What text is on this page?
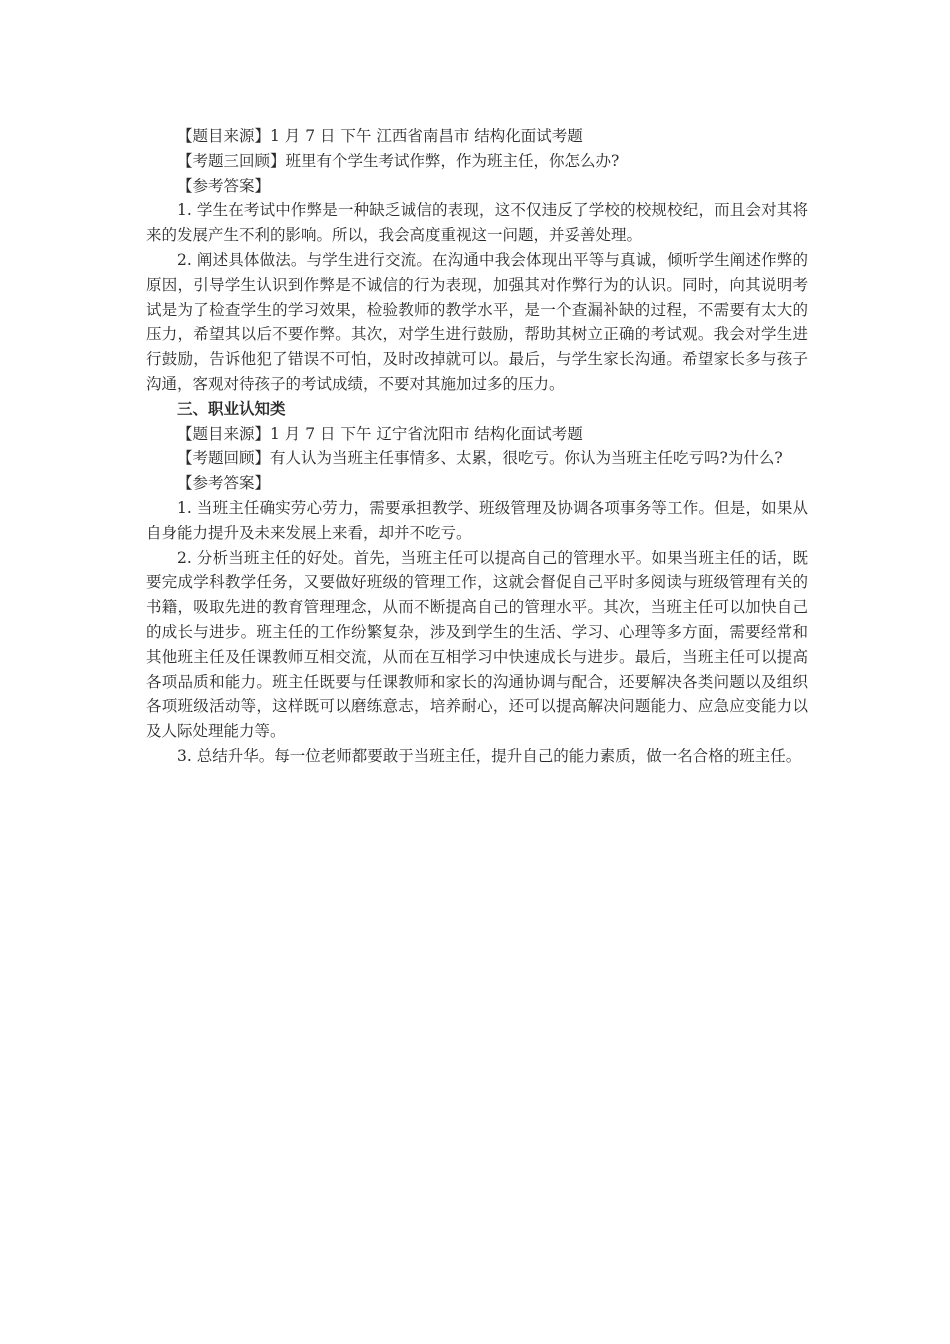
【题目来源】1 月 7 日 下午 江西省南昌市 结构化面试考题

【考题三回顾】班里有个学生考试作弊，作为班主任，你怎么办?

【参考答案】

1. 学生在考试中作弊是一种缺乏诚信的表现，这不仅违反了学校的校规校纪，而且会对其将来的发展产生不利的影响。所以，我会高度重视这一问题，并妥善处理。

2. 阐述具体做法。与学生进行交流。在沟通中我会体现出平等与真诚，倾听学生阐述作弊的原因，引导学生认识到作弊是不诚信的行为表现，加强其对作弊行为的认识。同时，向其说明考试是为了检查学生的学习效果，检验教师的教学水平，是一个查漏补缺的过程，不需要有太大的压力，希望其以后不要作弊。其次，对学生进行鼓励，帮助其树立正确的考试观。我会对学生进行鼓励，告诉他犯了错误不可怕，及时改掉就可以。最后，与学生家长沟通。希望家长多与孩子沟通，客观对待孩子的考试成绩，不要对其施加过多的压力。

三、职业认知类

【题目来源】1 月 7 日 下午 辽宁省沈阳市 结构化面试考题

【考题回顾】有人认为当班主任事情多、太累，很吃亏。你认为当班主任吃亏吗?为什么?

【参考答案】

1. 当班主任确实劳心劳力，需要承担教学、班级管理及协调各项事务等工作。但是，如果从自身能力提升及未来发展上来看，却并不吃亏。

2. 分析当班主任的好处。首先，当班主任可以提高自己的管理水平。如果当班主任的话，既要完成学科教学任务，又要做好班级的管理工作，这就会督促自己平时多阅读与班级管理有关的书籍，吸取先进的教育管理理念，从而不断提高自己的管理水平。其次，当班主任可以加快自己的成长与进步。班主任的工作纷繁复杂，涉及到学生的生活、学习、心理等多方面，需要经常和其他班主任及任课教师互相交流，从而在互相学习中快速成长与进步。最后，当班主任可以提高各项品质和能力。班主任既要与任课教师和家长的沟通协调与配合，还要解决各类问题以及组织各项班级活动等，这样既可以磨练意志，培养耐心，还可以提高解决问题能力、应急应变能力以及人际处理能力等。

3. 总结升华。每一位老师都要敢于当班主任，提升自己的能力素质，做一名合格的班主任。
